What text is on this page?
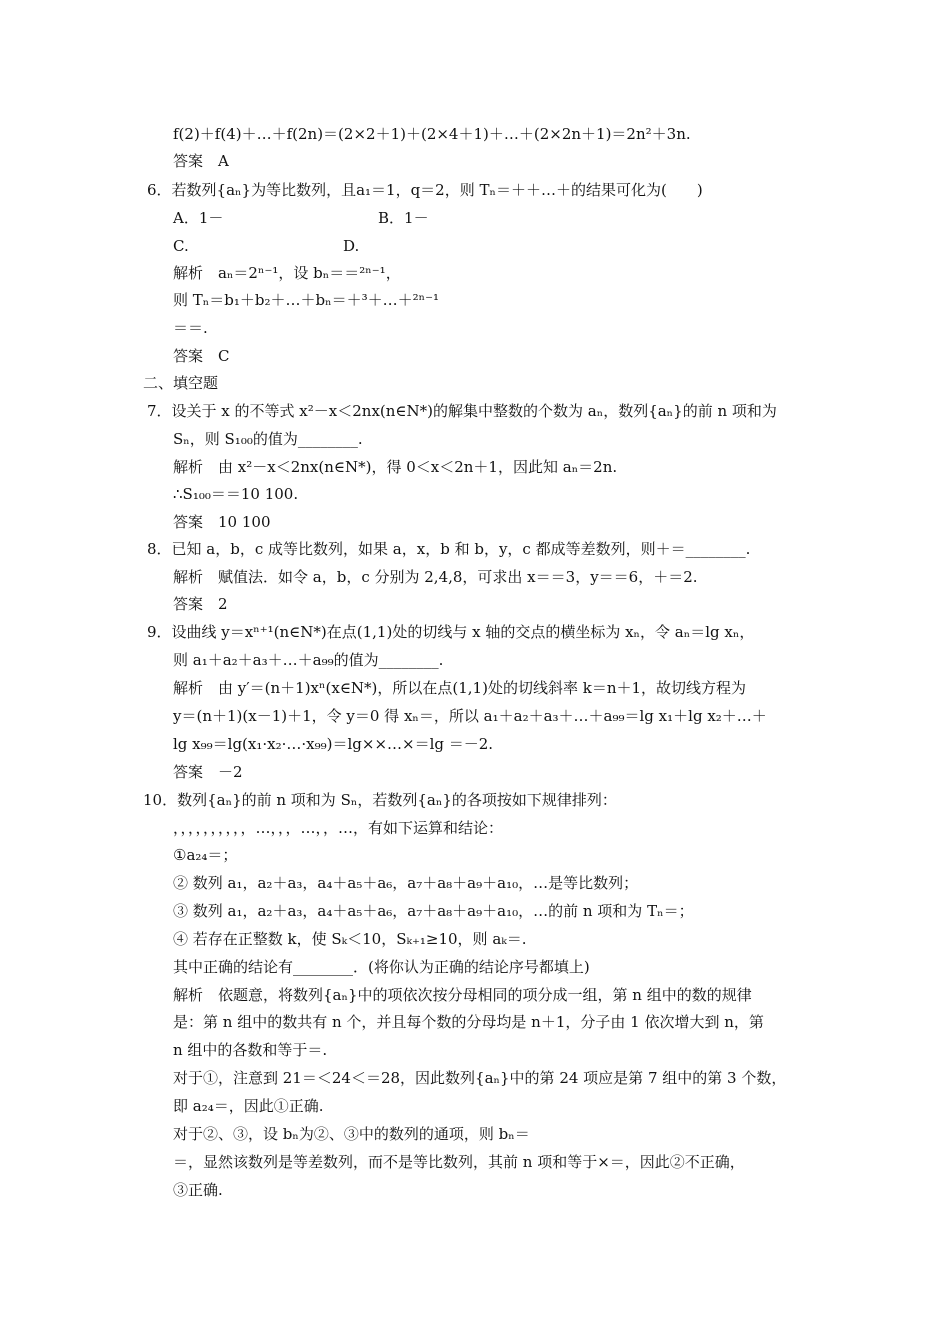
f(2)＋f(4)＋…＋f(2n)＝(2×2＋1)＋(2×4＋1)＋…＋(2×2n＋1)＝2n²＋3n.
答案　A
6．若数列{aₙ}为等比数列，且a₁＝1，q＝2，则 Tₙ＝＋＋…＋的结果可化为(　　)
A．1－	B．1－
C.	D.
解析　aₙ＝2ⁿ⁻¹，设 bₙ＝＝²ⁿ⁻¹，
则 Tₙ＝b₁＋b₂＋…＋bₙ＝＋³＋…＋²ⁿ⁻¹
＝＝.
答案　C
二、填空题
7．设关于 x 的不等式 x²－x＜2nx(n∈N*)的解集中整数的个数为 aₙ，数列{aₙ}的前 n 项和为
Sₙ，则 S₁₀₀的值为________.
解析　由 x²－x＜2nx(n∈N*)，得 0＜x＜2n＋1，因此知 aₙ＝2n.
∴S₁₀₀＝＝10 100.
答案　10 100
8．已知 a，b，c 成等比数列，如果 a，x，b 和 b，y，c 都成等差数列，则＋＝________.
解析　赋值法．如令 a，b，c 分别为 2,4,8，可求出 x＝＝3，y＝＝6，＋＝2.
答案　2
9．设曲线 y＝xⁿ⁺¹(n∈N*)在点(1,1)处的切线与 x 轴的交点的横坐标为 xₙ，令 aₙ＝lg xₙ，
则 a₁＋a₂＋a₃＋…＋a₉₉的值为________.
解析　由 y′＝(n＋1)xⁿ(x∈N*)，所以在点(1,1)处的切线斜率 k＝n＋1，故切线方程为
y＝(n＋1)(x－1)＋1，令 y＝0 得 xₙ＝，所以 a₁＋a₂＋a₃＋…＋a₉₉＝lg x₁＋lg x₂＋…＋
lg x₉₉＝lg(x₁·x₂·…·x₉₉)＝lg××…×＝lg ＝－2.
答案　－2
10．数列{aₙ}的前 n 项和为 Sₙ，若数列{aₙ}的各项按如下规律排列：
，，，，，，，，，，…，，，…，，…，有如下运算和结论：
①a₂₄＝；
② 数列 a₁，a₂＋a₃，a₄＋a₅＋a₆，a₇＋a₈＋a₉＋a₁₀，…是等比数列；
③ 数列 a₁，a₂＋a₃，a₄＋a₅＋a₆，a₇＋a₈＋a₉＋a₁₀，…的前 n 项和为 Tₙ＝；
④ 若存在正整数 k，使 Sₖ＜10，Sₖ₊₁≥10，则 aₖ＝.
其中正确的结论有________．(将你认为正确的结论序号都填上)
解析　依题意，将数列{aₙ}中的项依次按分母相同的项分成一组，第 n 组中的数的规律
是：第 n 组中的数共有 n 个，并且每个数的分母均是 n＋1，分子由 1 依次增大到 n，第
n 组中的各数和等于＝.
对于①，注意到 21＝＜24＜＝28，因此数列{aₙ}中的第 24 项应是第 7 组中的第 3 个数，
即 a₂₄＝，因此①正确.
对于②、③，设 bₙ为②、③中的数列的通项，则 bₙ＝
＝，显然该数列是等差数列，而不是等比数列，其前 n 项和等于×＝，因此②不正确，
③正确.
